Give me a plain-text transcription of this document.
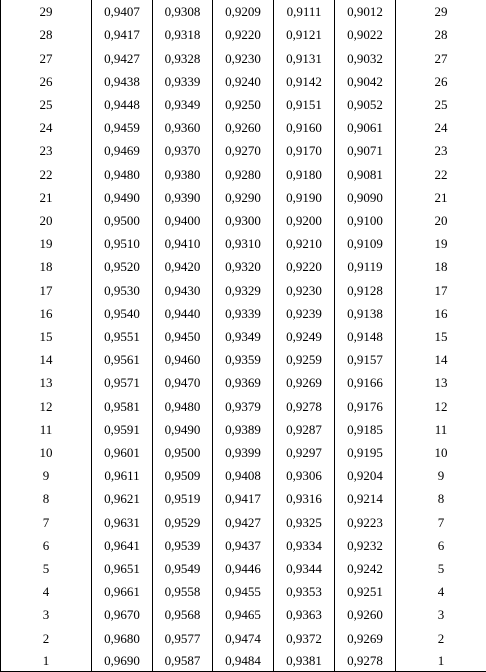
29	0,9407	0,9308	0,9209	0,9111	0,9012	29
28	0,9417	0,9318	0,9220	0,9121	0,9022	28
27	0,9427	0,9328	0,9230	0,9131	0,9032	27
26	0,9438	0,9339	0,9240	0,9142	0,9042	26
25	0,9448	0,9349	0,9250	0,9151	0,9052	25
24	0,9459	0,9360	0,9260	0,9160	0,9061	24
23	0,9469	0,9370	0,9270	0,9170	0,9071	23
22	0,9480	0,9380	0,9280	0,9180	0,9081	22
21	0,9490	0,9390	0,9290	0,9190	0,9090	21
20	0,9500	0,9400	0,9300	0,9200	0,9100	20
19	0,9510	0,9410	0,9310	0,9210	0,9109	19
18	0,9520	0,9420	0,9320	0,9220	0,9119	18
17	0,9530	0,9430	0,9329	0,9230	0,9128	17
16	0,9540	0,9440	0,9339	0,9239	0,9138	16
15	0,9551	0,9450	0,9349	0,9249	0,9148	15
14	0,9561	0,9460	0,9359	0,9259	0,9157	14
13	0,9571	0,9470	0,9369	0,9269	0,9166	13
12	0,9581	0,9480	0,9379	0,9278	0,9176	12
11	0,9591	0,9490	0,9389	0,9287	0,9185	11
10	0,9601	0,9500	0,9399	0,9297	0,9195	10
9	0,9611	0,9509	0,9408	0,9306	0,9204	9
8	0,9621	0,9519	0,9417	0,9316	0,9214	8
7	0,9631	0,9529	0,9427	0,9325	0,9223	7
6	0,9641	0,9539	0,9437	0,9334	0,9232	6
5	0,9651	0,9549	0,9446	0,9344	0,9242	5
4	0,9661	0,9558	0,9455	0,9353	0,9251	4
3	0,9670	0,9568	0,9465	0,9363	0,9260	3
2	0,9680	0,9577	0,9474	0,9372	0,9269	2
1	0,9690	0,9587	0,9484	0,9381	0,9278	1
